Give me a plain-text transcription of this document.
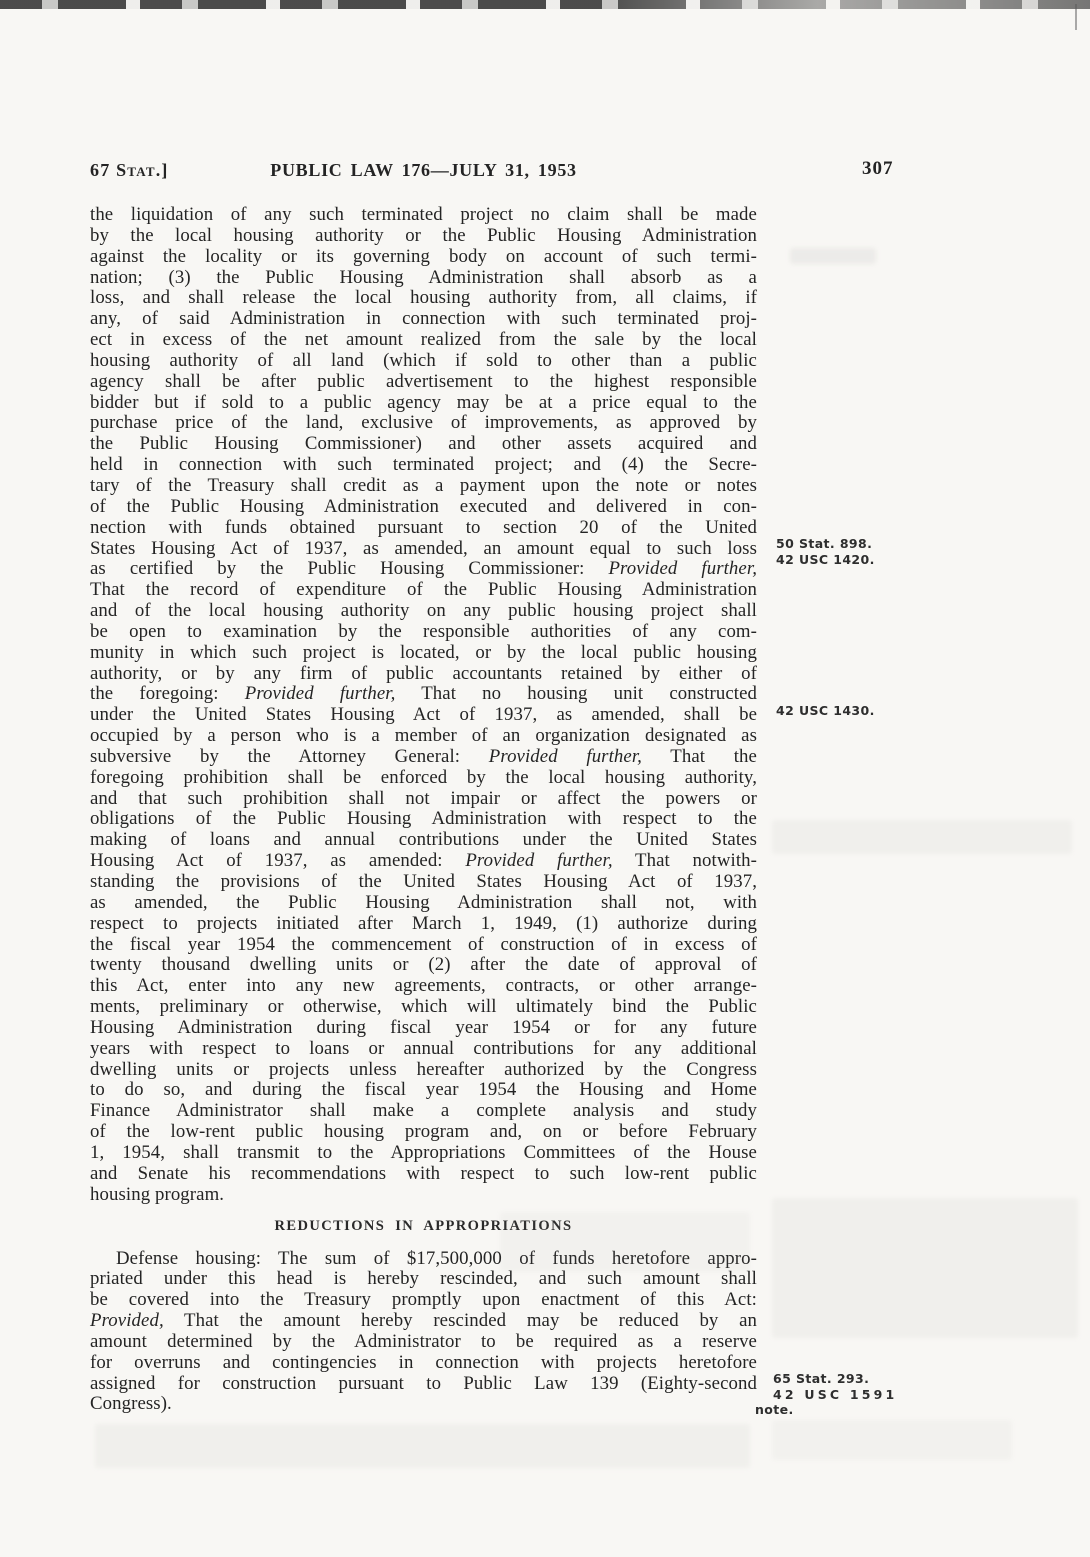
67 Stat.]	PUBLIC LAW 176—JULY 31, 1953	307
the liquidation of any such terminated project no claim shall be made
by the local housing authority or the Public Housing Administration
against the locality or its governing body on account of such termi-
nation; (3) the Public Housing Administration shall absorb as a
loss, and shall release the local housing authority from, all claims, if
any, of said Administration in connection with such terminated proj-
ect in excess of the net amount realized from the sale by the local
housing authority of all land (which if sold to other than a public
agency shall be after public advertisement to the highest responsible
bidder but if sold to a public agency may be at a price equal to the
purchase price of the land, exclusive of improvements, as approved by
the Public Housing Commissioner) and other assets acquired and
held in connection with such terminated project; and (4) the Secre-
tary of the Treasury shall credit as a payment upon the note or notes
of the Public Housing Administration executed and delivered in con-
nection with funds obtained pursuant to section 20 of the United
States Housing Act of 1937, as amended, an amount equal to such loss
as certified by the Public Housing Commissioner: Provided further,
That the record of expenditure of the Public Housing Administration
and of the local housing authority on any public housing project shall
be open to examination by the responsible authorities of any com-
munity in which such project is located, or by the local public housing
authority, or by any firm of public accountants retained by either of
the foregoing: Provided further, That no housing unit constructed
under the United States Housing Act of 1937, as amended, shall be
occupied by a person who is a member of an organization designated as
subversive by the Attorney General: Provided further, That the
foregoing prohibition shall be enforced by the local housing authority,
and that such prohibition shall not impair or affect the powers or
obligations of the Public Housing Administration with respect to the
making of loans and annual contributions under the United States
Housing Act of 1937, as amended: Provided further, That notwith-
standing the provisions of the United States Housing Act of 1937,
as amended, the Public Housing Administration shall not, with
respect to projects initiated after March 1, 1949, (1) authorize during
the fiscal year 1954 the commencement of construction of in excess of
twenty thousand dwelling units or (2) after the date of approval of
this Act, enter into any new agreements, contracts, or other arrange-
ments, preliminary or otherwise, which will ultimately bind the Public
Housing Administration during fiscal year 1954 or for any future
years with respect to loans or annual contributions for any additional
dwelling units or projects unless hereafter authorized by the Congress
to do so, and during the fiscal year 1954 the Housing and Home
Finance Administrator shall make a complete analysis and study
of the low-rent public housing program and, on or before February
1, 1954, shall transmit to the Appropriations Committees of the House
and Senate his recommendations with respect to such low-rent public
housing program.
REDUCTIONS IN APPROPRIATIONS
Defense housing: The sum of $17,500,000 of funds heretofore appro-
priated under this head is hereby rescinded, and such amount shall
be covered into the Treasury promptly upon enactment of this Act:
Provided, That the amount hereby rescinded may be reduced by an
amount determined by the Administrator to be required as a reserve
for overruns and contingencies in connection with projects heretofore
assigned for construction pursuant to Public Law 139 (Eighty-second
Congress).
50 Stat. 898.
42 USC 1420.
42 USC 1430.
65 Stat. 293.
42 USC 1591
note.
